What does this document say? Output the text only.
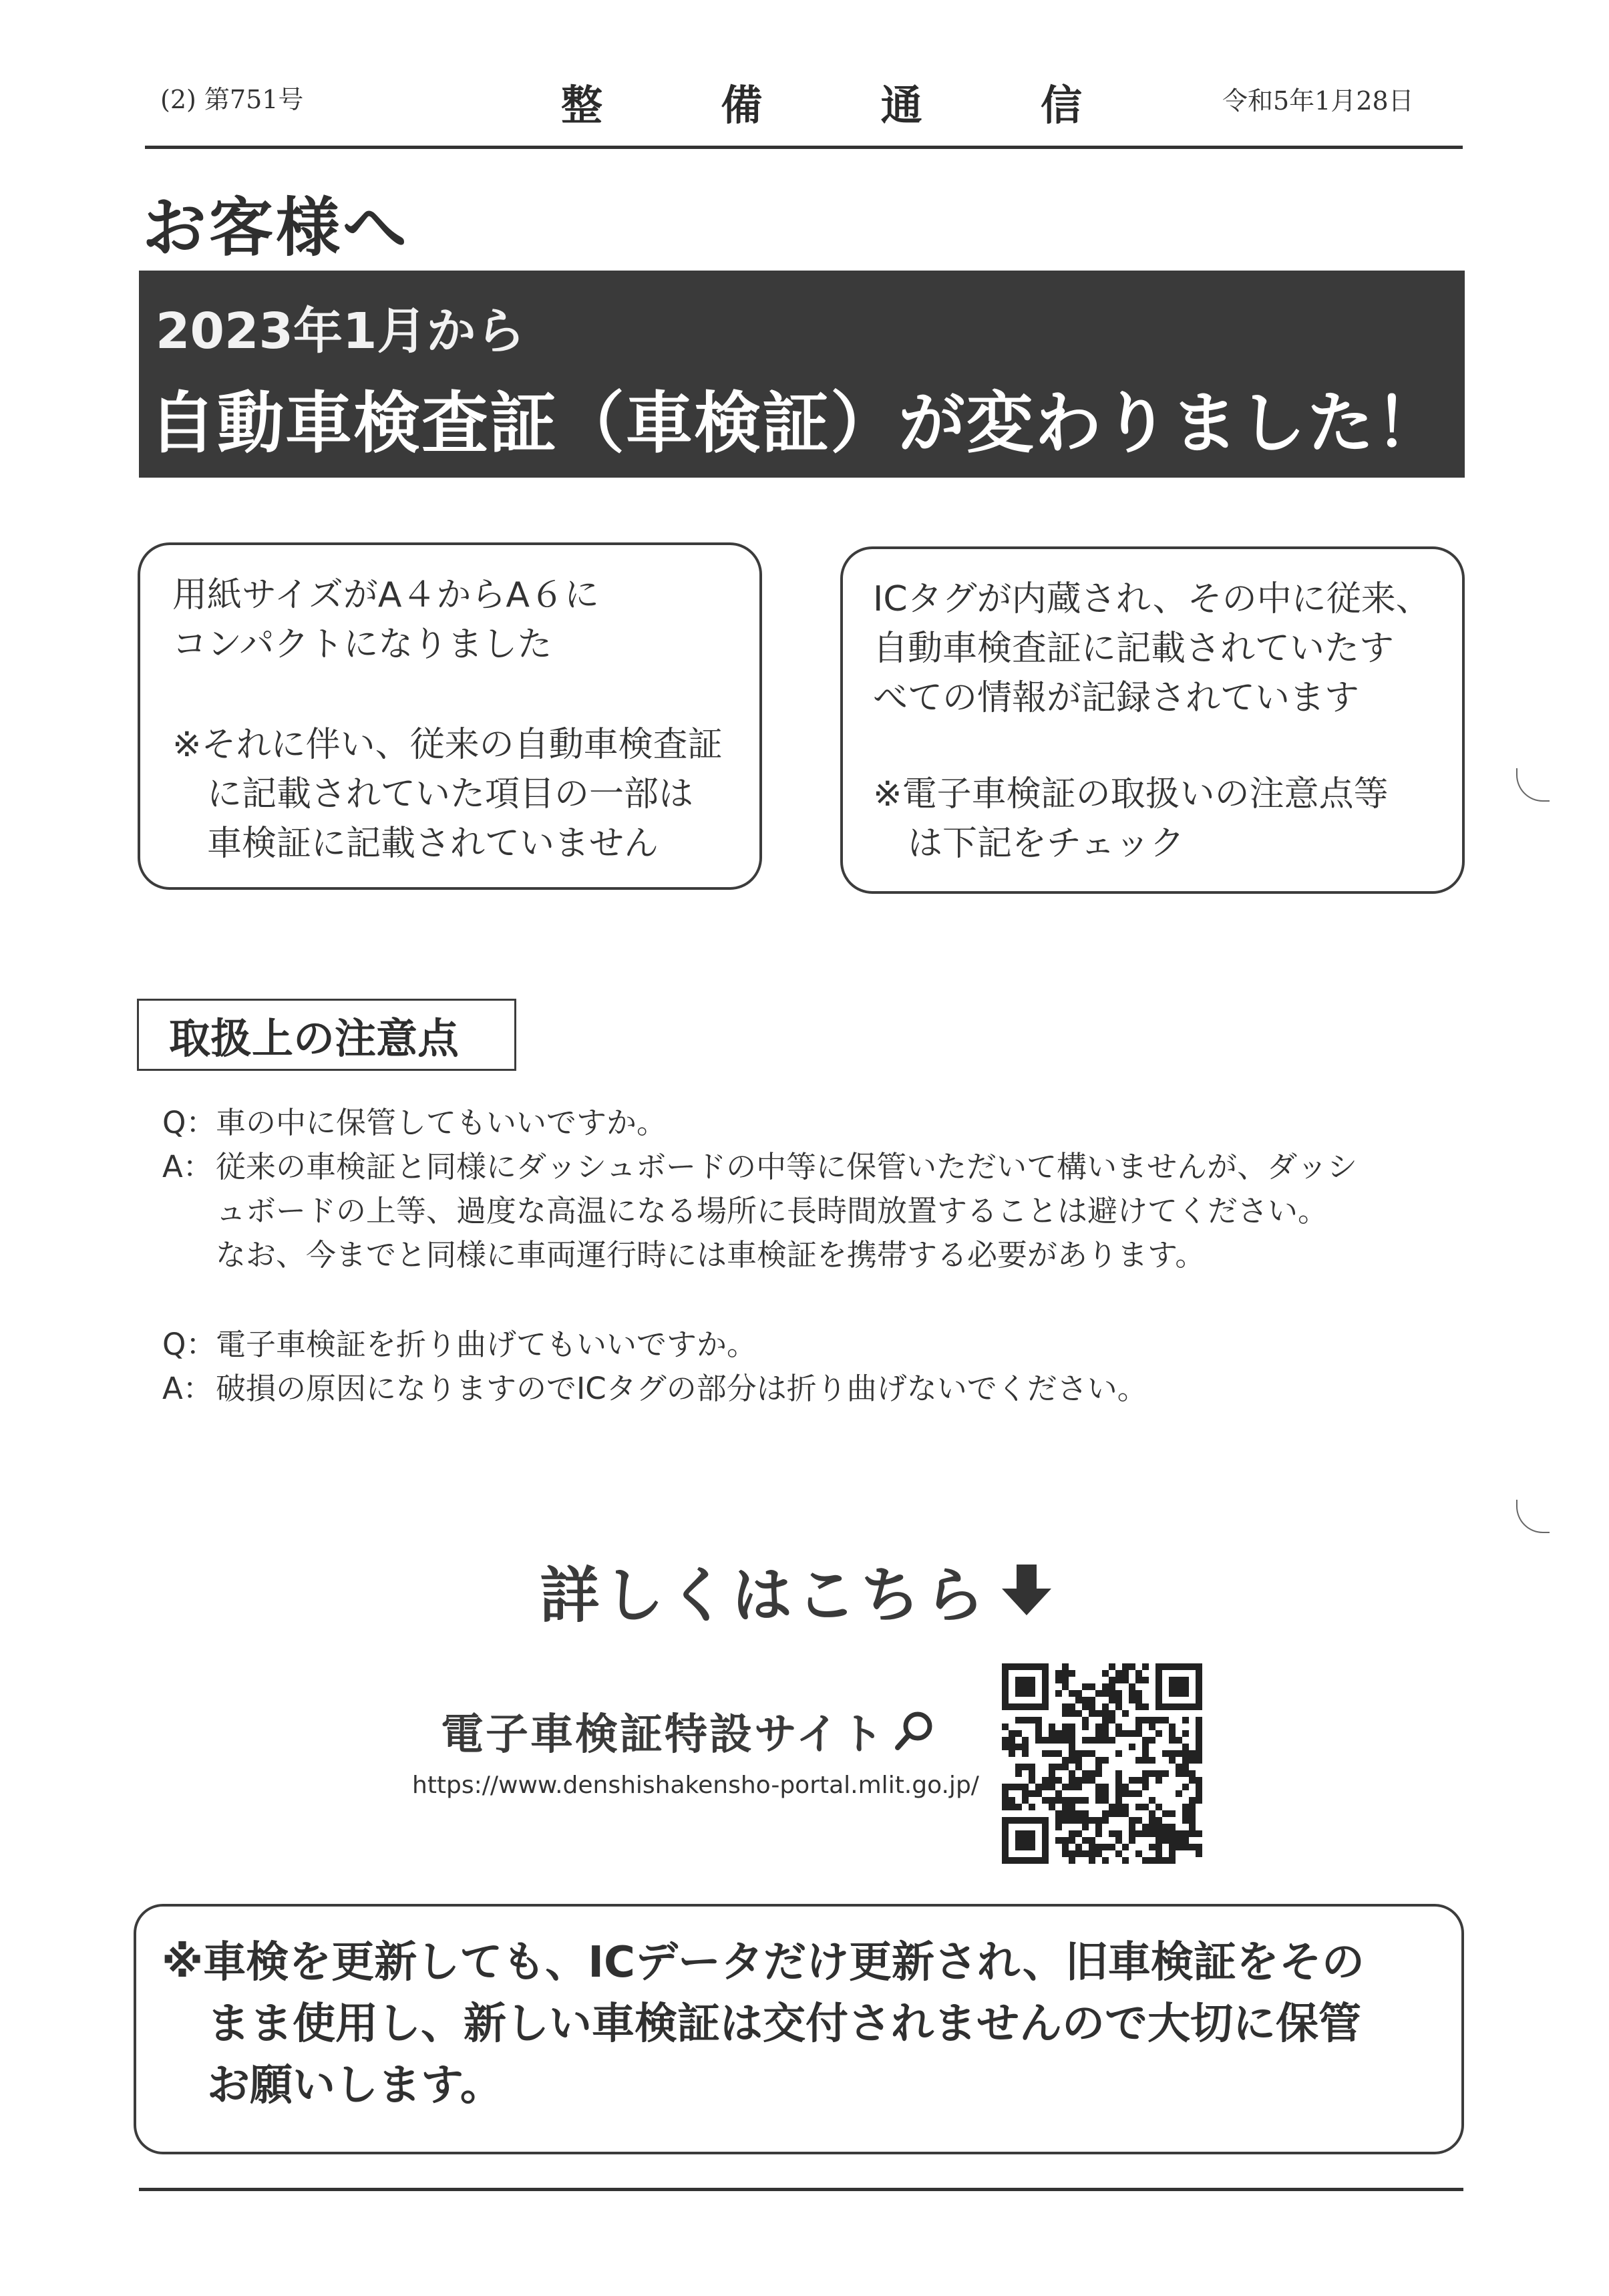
(2) 第751号	整	備	通	信	令和5年1月28日
お客様へ
2023年1月から
自動車検査証（車検証）が変わりました！
用紙サイズがA４からA６に
コンパクトになりました
※それに伴い、従来の自動車検査証
に記載されていた項目の一部は
車検証に記載されていません
ICタグが内蔵され、その中に従来、
自動車検査証に記載されていたす
べての情報が記録されています
※電子車検証の取扱いの注意点等
は下記をチェック
取扱上の注意点
Q： 車の中に保管してもいいですか。
A： 従来の車検証と同様にダッシュボードの中等に保管いただいて構いませんが、ダッシ
ュボードの上等、過度な高温になる場所に長時間放置することは避けてください。
なお、今までと同様に車両運行時には車検証を携帯する必要があります。
Q： 電子車検証を折り曲げてもいいですか。
A： 破損の原因になりますのでICタグの部分は折り曲げないでください。
詳しくはこちら
電子車検証特設サイト
https://www.denshishakensho-portal.mlit.go.jp/
※車検を更新しても、ICデータだけ更新され、旧車検証をその
まま使用し、新しい車検証は交付されませんので大切に保管
お願いします。
